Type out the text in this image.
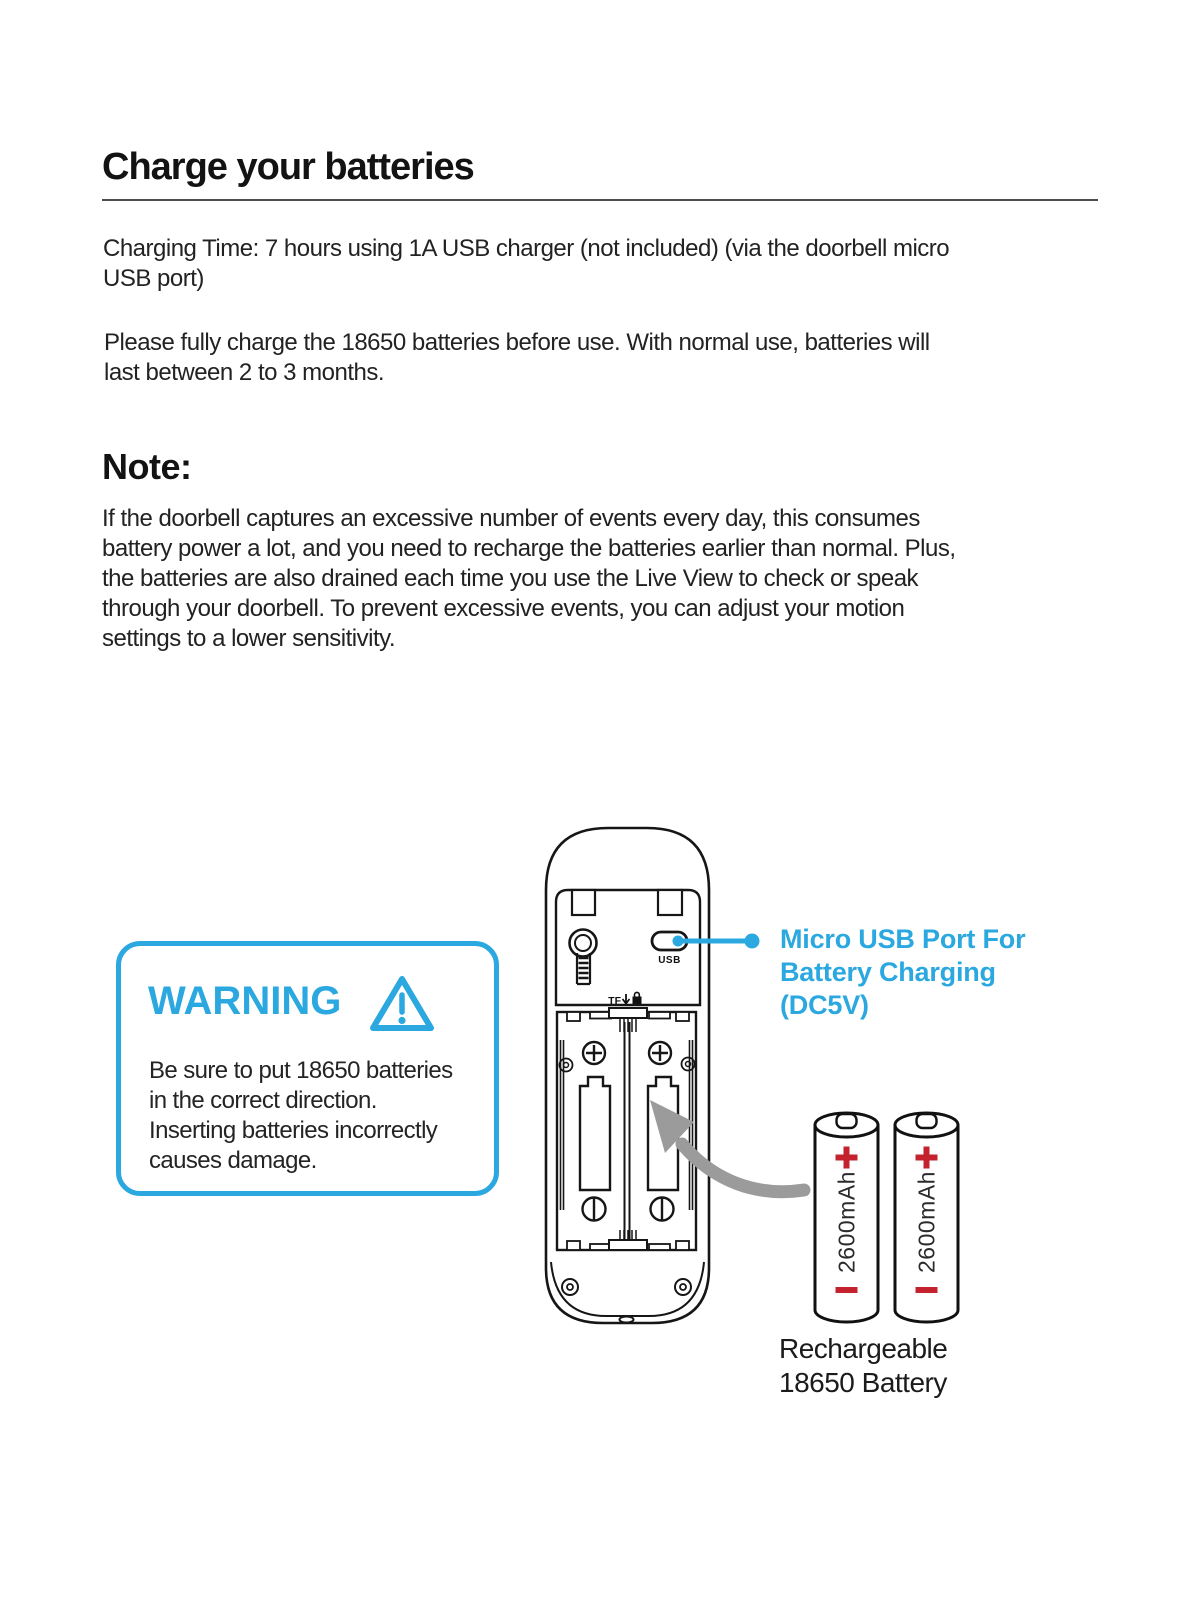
Charge your batteries
Charging Time: 7 hours using 1A USB charger (not included) (via the doorbell micro
USB port)
Please fully charge the 18650 batteries before use. With normal use, batteries will
last between 2 to 3 months.
Note:
If the doorbell captures an excessive number of events every day, this consumes
battery power a lot, and you need to recharge the batteries earlier than normal. Plus,
the batteries are also drained each time you use the Live View to check or speak
through your doorbell. To prevent excessive events, you can adjust your motion
settings to a lower sensitivity.
USB
TF
2600mAh 2600mAh
WARNING
Be sure to put 18650 batteries
in the correct direction.
Inserting batteries incorrectly
causes damage.
Micro USB Port For
Battery Charging
(DC5V)
Rechargeable
18650 Battery
